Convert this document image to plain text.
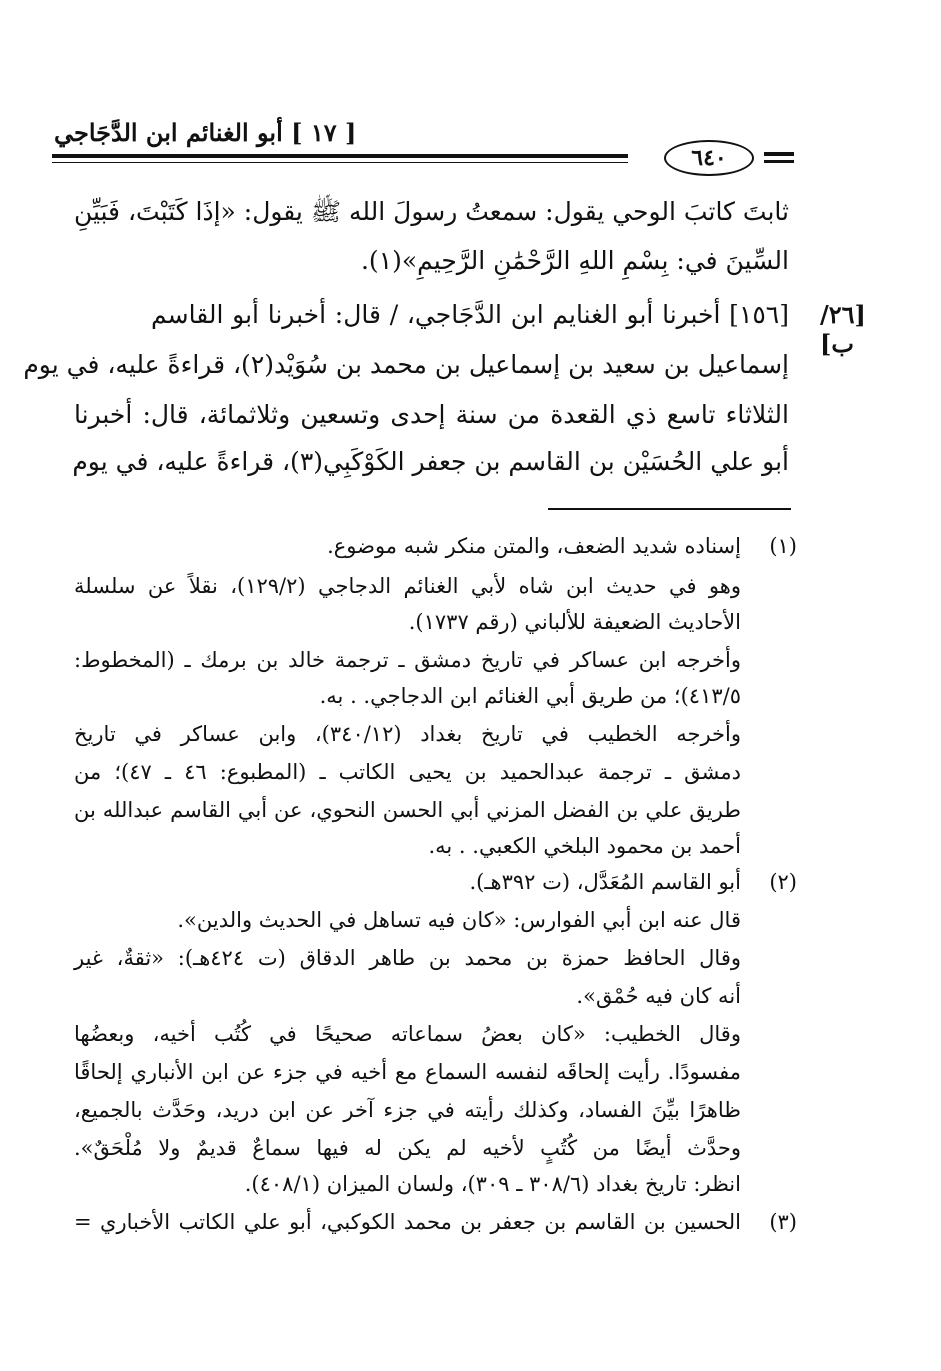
[ ١٧ ] أبو الغنائم ابن الدَّجَاجي
٦٤٠
[٢٦/ ب]
ثابتَ كاتبَ الوحي يقول: سمعتُ رسولَ الله ﷺ يقول: «إذَا كَتَبْتَ، فَبَيِّنِ
السِّينَ في: بِسْمِ اللهِ الرَّحْمَٰنِ الرَّحِيمِ»(١).
[١٥٦] أخبرنا أبو الغنايم ابن الدَّجَاجي، / قال: أخبرنا أبو القاسم
إسماعيل بن سعيد بن إسماعيل بن محمد بن سُوَيْد(٢)، قراءةً عليه، في يوم
الثلاثاء تاسع ذي القعدة من سنة إحدى وتسعين وثلاثمائة، قال: أخبرنا
أبو علي الحُسَيْن بن القاسم بن جعفر الكَوْكَبِي(٣)، قراءةً عليه، في يوم
(١)
إسناده شديد الضعف، والمتن منكر شبه موضوع.
وهو في حديث ابن شاه لأبي الغنائم الدجاجي (١٢٩/٢)، نقلاً عن سلسلة
الأحاديث الضعيفة للألباني (رقم ١٧٣٧).
وأخرجه ابن عساكر في تاريخ دمشق ـ ترجمة خالد بن برمك ـ (المخطوط:
٤١٣/٥)؛ من طريق أبي الغنائم ابن الدجاجي. . به.
وأخرجه الخطيب في تاريخ بغداد (٣٤٠/١٢)، وابن عساكر في تاريخ
دمشق ـ ترجمة عبدالحميد بن يحيى الكاتب ـ (المطبوع: ٤٦ ـ ٤٧)؛ من
طريق علي بن الفضل المزني أبي الحسن النحوي، عن أبي القاسم عبدالله بن
أحمد بن محمود البلخي الكعبي. . به.
(٢)
أبو القاسم المُعَدَّل، (ت ٣٩٢هـ).
قال عنه ابن أبي الفوارس: «كان فيه تساهل في الحديث والدين».
وقال الحافظ حمزة بن محمد بن طاهر الدقاق (ت ٤٢٤هـ): «ثقةٌ، غير
أنه كان فيه حُمْق».
وقال الخطيب: «كان بعضُ سماعاته صحيحًا في كُتُب أخيه، وبعضُها
مفسودًا. رأيت إلحاقَه لنفسه السماع مع أخيه في جزء عن ابن الأنباري إلحاقًا
ظاهرًا بيِّنَ الفساد، وكذلك رأيته في جزء آخر عن ابن دريد، وحَدَّث بالجميع،
وحدَّث أيضًا من كُتُبٍ لأخيه لم يكن له فيها سماعٌ قديمٌ ولا مُلْحَقٌ».
انظر: تاريخ بغداد (٣٠٨/٦ ـ ٣٠٩)، ولسان الميزان (٤٠٨/١).
(٣)
الحسين بن القاسم بن جعفر بن محمد الكوكبي، أبو علي الكاتب الأخباري =
